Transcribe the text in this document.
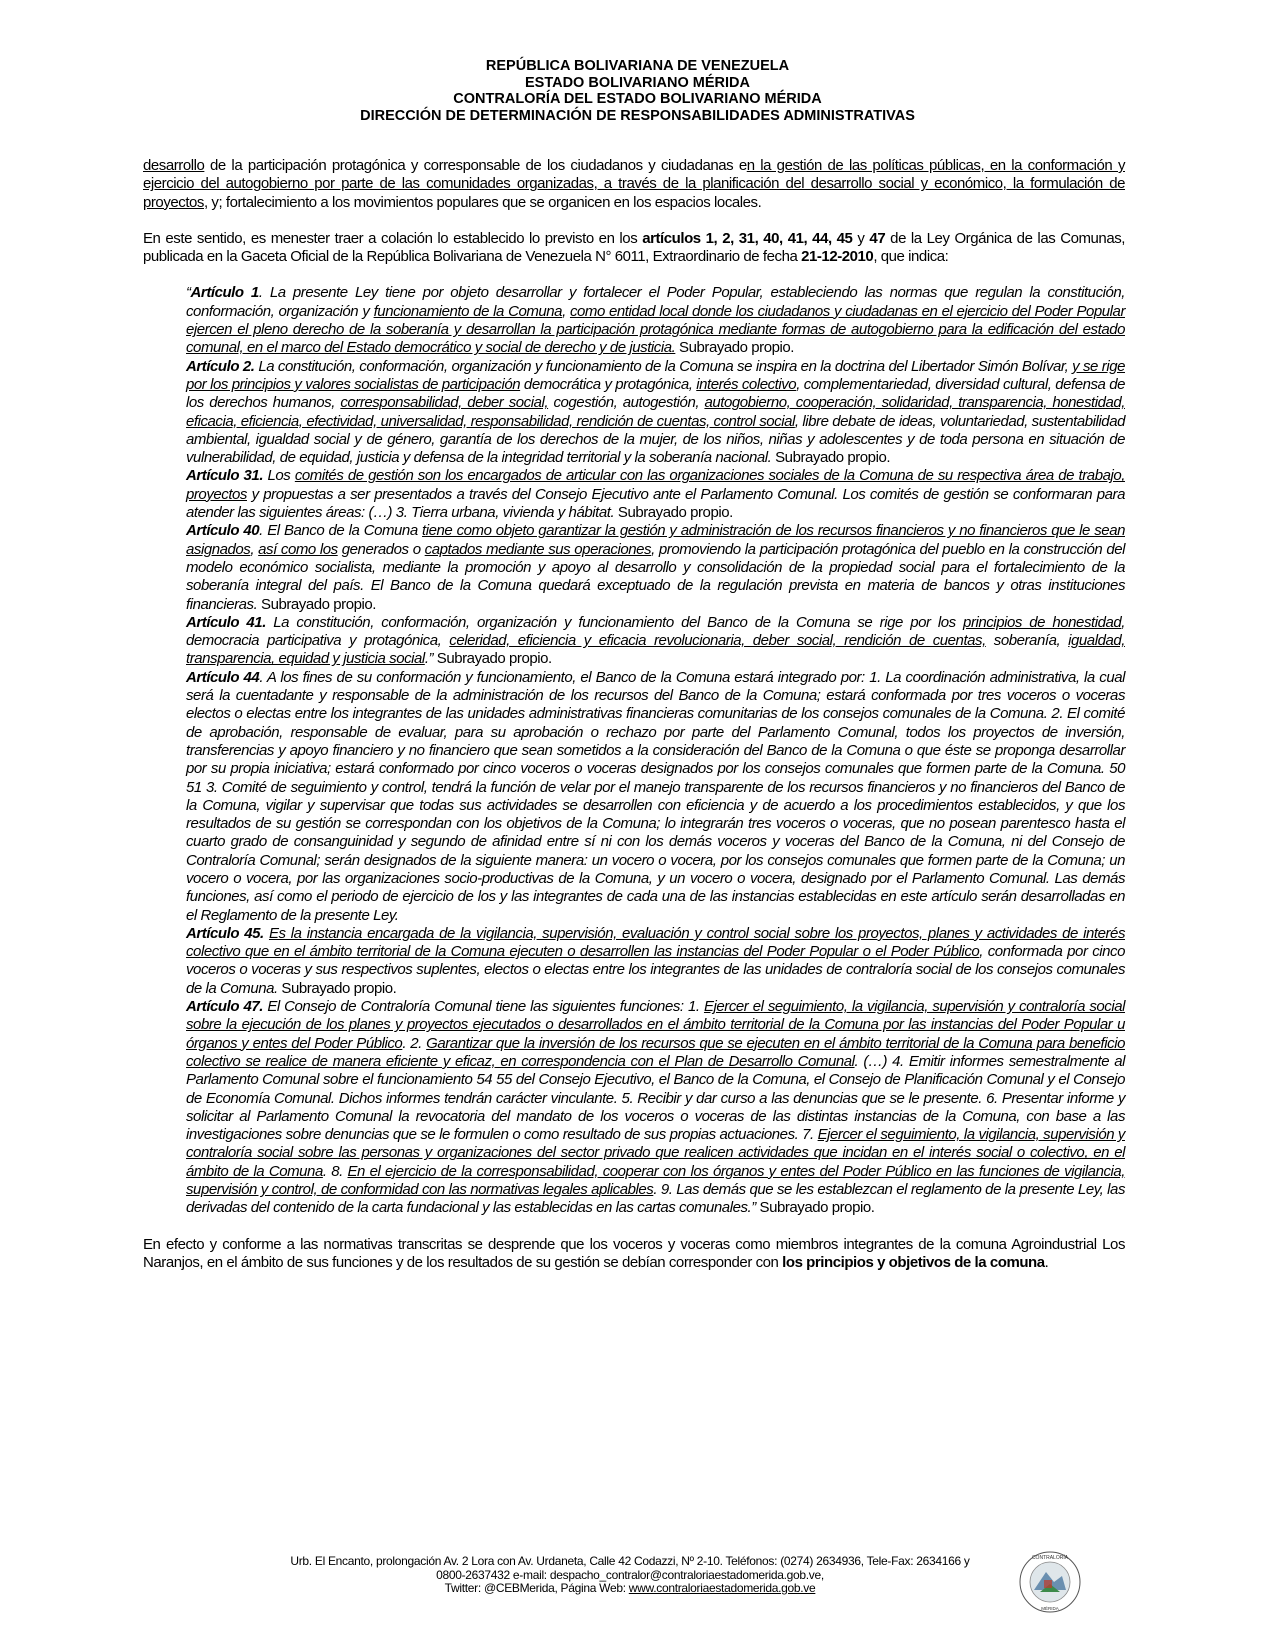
REPÚBLICA BOLIVARIANA DE VENEZUELA
ESTADO BOLIVARIANO MÉRIDA
CONTRALORÍA DEL ESTADO BOLIVARIANO MÉRIDA
DIRECCIÓN DE DETERMINACIÓN DE RESPONSABILIDADES ADMINISTRATIVAS

desarrollo de la participación protagónica y corresponsable de los ciudadanos y ciudadanas en la gestión de las políticas públicas, en la conformación y ejercicio del autogobierno por parte de las comunidades organizadas, a través de la planificación del desarrollo social y económico, la formulación de proyectos, y; fortalecimiento a los movimientos populares que se organicen en los espacios locales.

En este sentido, es menester traer a colación lo establecido lo previsto en los artículos 1, 2, 31, 40, 41, 44, 45 y 47 de la Ley Orgánica de las Comunas, publicada en la Gaceta Oficial de la República Bolivariana de Venezuela N° 6011, Extraordinario de fecha 21-12-2010, que indica:

“Artículo 1. La presente Ley tiene por objeto desarrollar y fortalecer el Poder Popular, estableciendo las normas que regulan la constitución, conformación, organización y funcionamiento de la Comuna, como entidad local donde los ciudadanos y ciudadanas en el ejercicio del Poder Popular ejercen el pleno derecho de la soberanía y desarrollan la participación protagónica mediante formas de autogobierno para la edificación del estado comunal, en el marco del Estado democrático y social de derecho y de justicia. Subrayado propio.

Artículo 2. La constitución, conformación, organización y funcionamiento de la Comuna se inspira en la doctrina del Libertador Simón Bolívar, y se rige por los principios y valores socialistas de participación democrática y protagónica, interés colectivo, complementariedad, diversidad cultural, defensa de los derechos humanos, corresponsabilidad, deber social, cogestión, autogestión, autogobierno, cooperación, solidaridad, transparencia, honestidad, eficacia, eficiencia, efectividad, universalidad, responsabilidad, rendición de cuentas, control social, libre debate de ideas, voluntariedad, sustentabilidad ambiental, igualdad social y de género, garantía de los derechos de la mujer, de los niños, niñas y adolescentes y de toda persona en situación de vulnerabilidad, de equidad, justicia y defensa de la integridad territorial y la soberanía nacional. Subrayado propio.

Artículo 31. Los comités de gestión son los encargados de articular con las organizaciones sociales de la Comuna de su respectiva área de trabajo, proyectos y propuestas a ser presentados a través del Consejo Ejecutivo ante el Parlamento Comunal. Los comités de gestión se conformaran para atender las siguientes áreas: (…) 3. Tierra urbana, vivienda y hábitat. Subrayado propio.

Artículo 40. El Banco de la Comuna tiene como objeto garantizar la gestión y administración de los recursos financieros y no financieros que le sean asignados, así como los generados o captados mediante sus operaciones, promoviendo la participación protagónica del pueblo en la construcción del modelo económico socialista, mediante la promoción y apoyo al desarrollo y consolidación de la propiedad social para el fortalecimiento de la soberanía integral del país. El Banco de la Comuna quedará exceptuado de la regulación prevista en materia de bancos y otras instituciones financieras. Subrayado propio.

Artículo 41. La constitución, conformación, organización y funcionamiento del Banco de la Comuna se rige por los principios de honestidad, democracia participativa y protagónica, celeridad, eficiencia y eficacia revolucionaria, deber social, rendición de cuentas, soberanía, igualdad, transparencia, equidad y justicia social.” Subrayado propio.

Artículo 44. A los fines de su conformación y funcionamiento, el Banco de la Comuna estará integrado por: 1. La coordinación administrativa, la cual será la cuentadante y responsable de la administración de los recursos del Banco de la Comuna; estará conformada por tres voceros o voceras electos o electas entre los integrantes de las unidades administrativas financieras comunitarias de los consejos comunales de la Comuna. 2. El comité de aprobación, responsable de evaluar, para su aprobación o rechazo por parte del Parlamento Comunal, todos los proyectos de inversión, transferencias y apoyo financiero y no financiero que sean sometidos a la consideración del Banco de la Comuna o que éste se proponga desarrollar por su propia iniciativa; estará conformado por cinco voceros o voceras designados por los consejos comunales que formen parte de la Comuna. 50 51 3. Comité de seguimiento y control, tendrá la función de velar por el manejo transparente de los recursos financieros y no financieros del Banco de la Comuna, vigilar y supervisar que todas sus actividades se desarrollen con eficiencia y de acuerdo a los procedimientos establecidos, y que los resultados de su gestión se correspondan con los objetivos de la Comuna; lo integrarán tres voceros o voceras, que no posean parentesco hasta el cuarto grado de consanguinidad y segundo de afinidad entre sí ni con los demás voceros y voceras del Banco de la Comuna, ni del Consejo de Contraloría Comunal; serán designados de la siguiente manera: un vocero o vocera, por los consejos comunales que formen parte de la Comuna; un vocero o vocera, por las organizaciones socio-productivas de la Comuna, y un vocero o vocera, designado por el Parlamento Comunal. Las demás funciones, así como el periodo de ejercicio de los y las integrantes de cada una de las instancias establecidas en este artículo serán desarrolladas en el Reglamento de la presente Ley.

Artículo 45. Es la instancia encargada de la vigilancia, supervisión, evaluación y control social sobre los proyectos, planes y actividades de interés colectivo que en el ámbito territorial de la Comuna ejecuten o desarrollen las instancias del Poder Popular o el Poder Público, conformada por cinco voceros o voceras y sus respectivos suplentes, electos o electas entre los integrantes de las unidades de contraloría social de los consejos comunales de la Comuna. Subrayado propio.

Artículo 47. El Consejo de Contraloría Comunal tiene las siguientes funciones: 1. Ejercer el seguimiento, la vigilancia, supervisión y contraloría social sobre la ejecución de los planes y proyectos ejecutados o desarrollados en el ámbito territorial de la Comuna por las instancias del Poder Popular u órganos y entes del Poder Público. 2. Garantizar que la inversión de los recursos que se ejecuten en el ámbito territorial de la Comuna para beneficio colectivo se realice de manera eficiente y eficaz, en correspondencia con el Plan de Desarrollo Comunal. (…) 4. Emitir informes semestralmente al Parlamento Comunal sobre el funcionamiento 54 55 del Consejo Ejecutivo, el Banco de la Comuna, el Consejo de Planificación Comunal y el Consejo de Economía Comunal. Dichos informes tendrán carácter vinculante. 5. Recibir y dar curso a las denuncias que se le presente. 6. Presentar informe y solicitar al Parlamento Comunal la revocatoria del mandato de los voceros o voceras de las distintas instancias de la Comuna, con base a las investigaciones sobre denuncias que se le formulen o como resultado de sus propias actuaciones. 7. Ejercer el seguimiento, la vigilancia, supervisión y contraloría social sobre las personas y organizaciones del sector privado que realicen actividades que incidan en el interés social o colectivo, en el ámbito de la Comuna. 8. En el ejercicio de la corresponsabilidad, cooperar con los órganos y entes del Poder Público en las funciones de vigilancia, supervisión y control, de conformidad con las normativas legales aplicables. 9. Las demás que se les establezcan el reglamento de la presente Ley, las derivadas del contenido de la carta fundacional y las establecidas en las cartas comunales.” Subrayado propio.

En efecto y conforme a las normativas transcritas se desprende que los voceros y voceras como miembros integrantes de la comuna Agroindustrial Los Naranjos, en el ámbito de sus funciones y de los resultados de su gestión se debían corresponder con los principios y objetivos de la comuna.

Urb. El Encanto, prolongación Av. 2 Lora con Av. Urdaneta, Calle 42 Codazzi, Nº 2-10. Teléfonos: (0274) 2634936, Tele-Fax: 2634166 y
0800-2637432 e-mail: despacho_contralor@contraloriaestadomerida.gob.ve,
Twitter: @CEBMerida, Página Web: www.contraloriaestadomerida.gob.ve
CONTRALORÍA
MÉRIDA
